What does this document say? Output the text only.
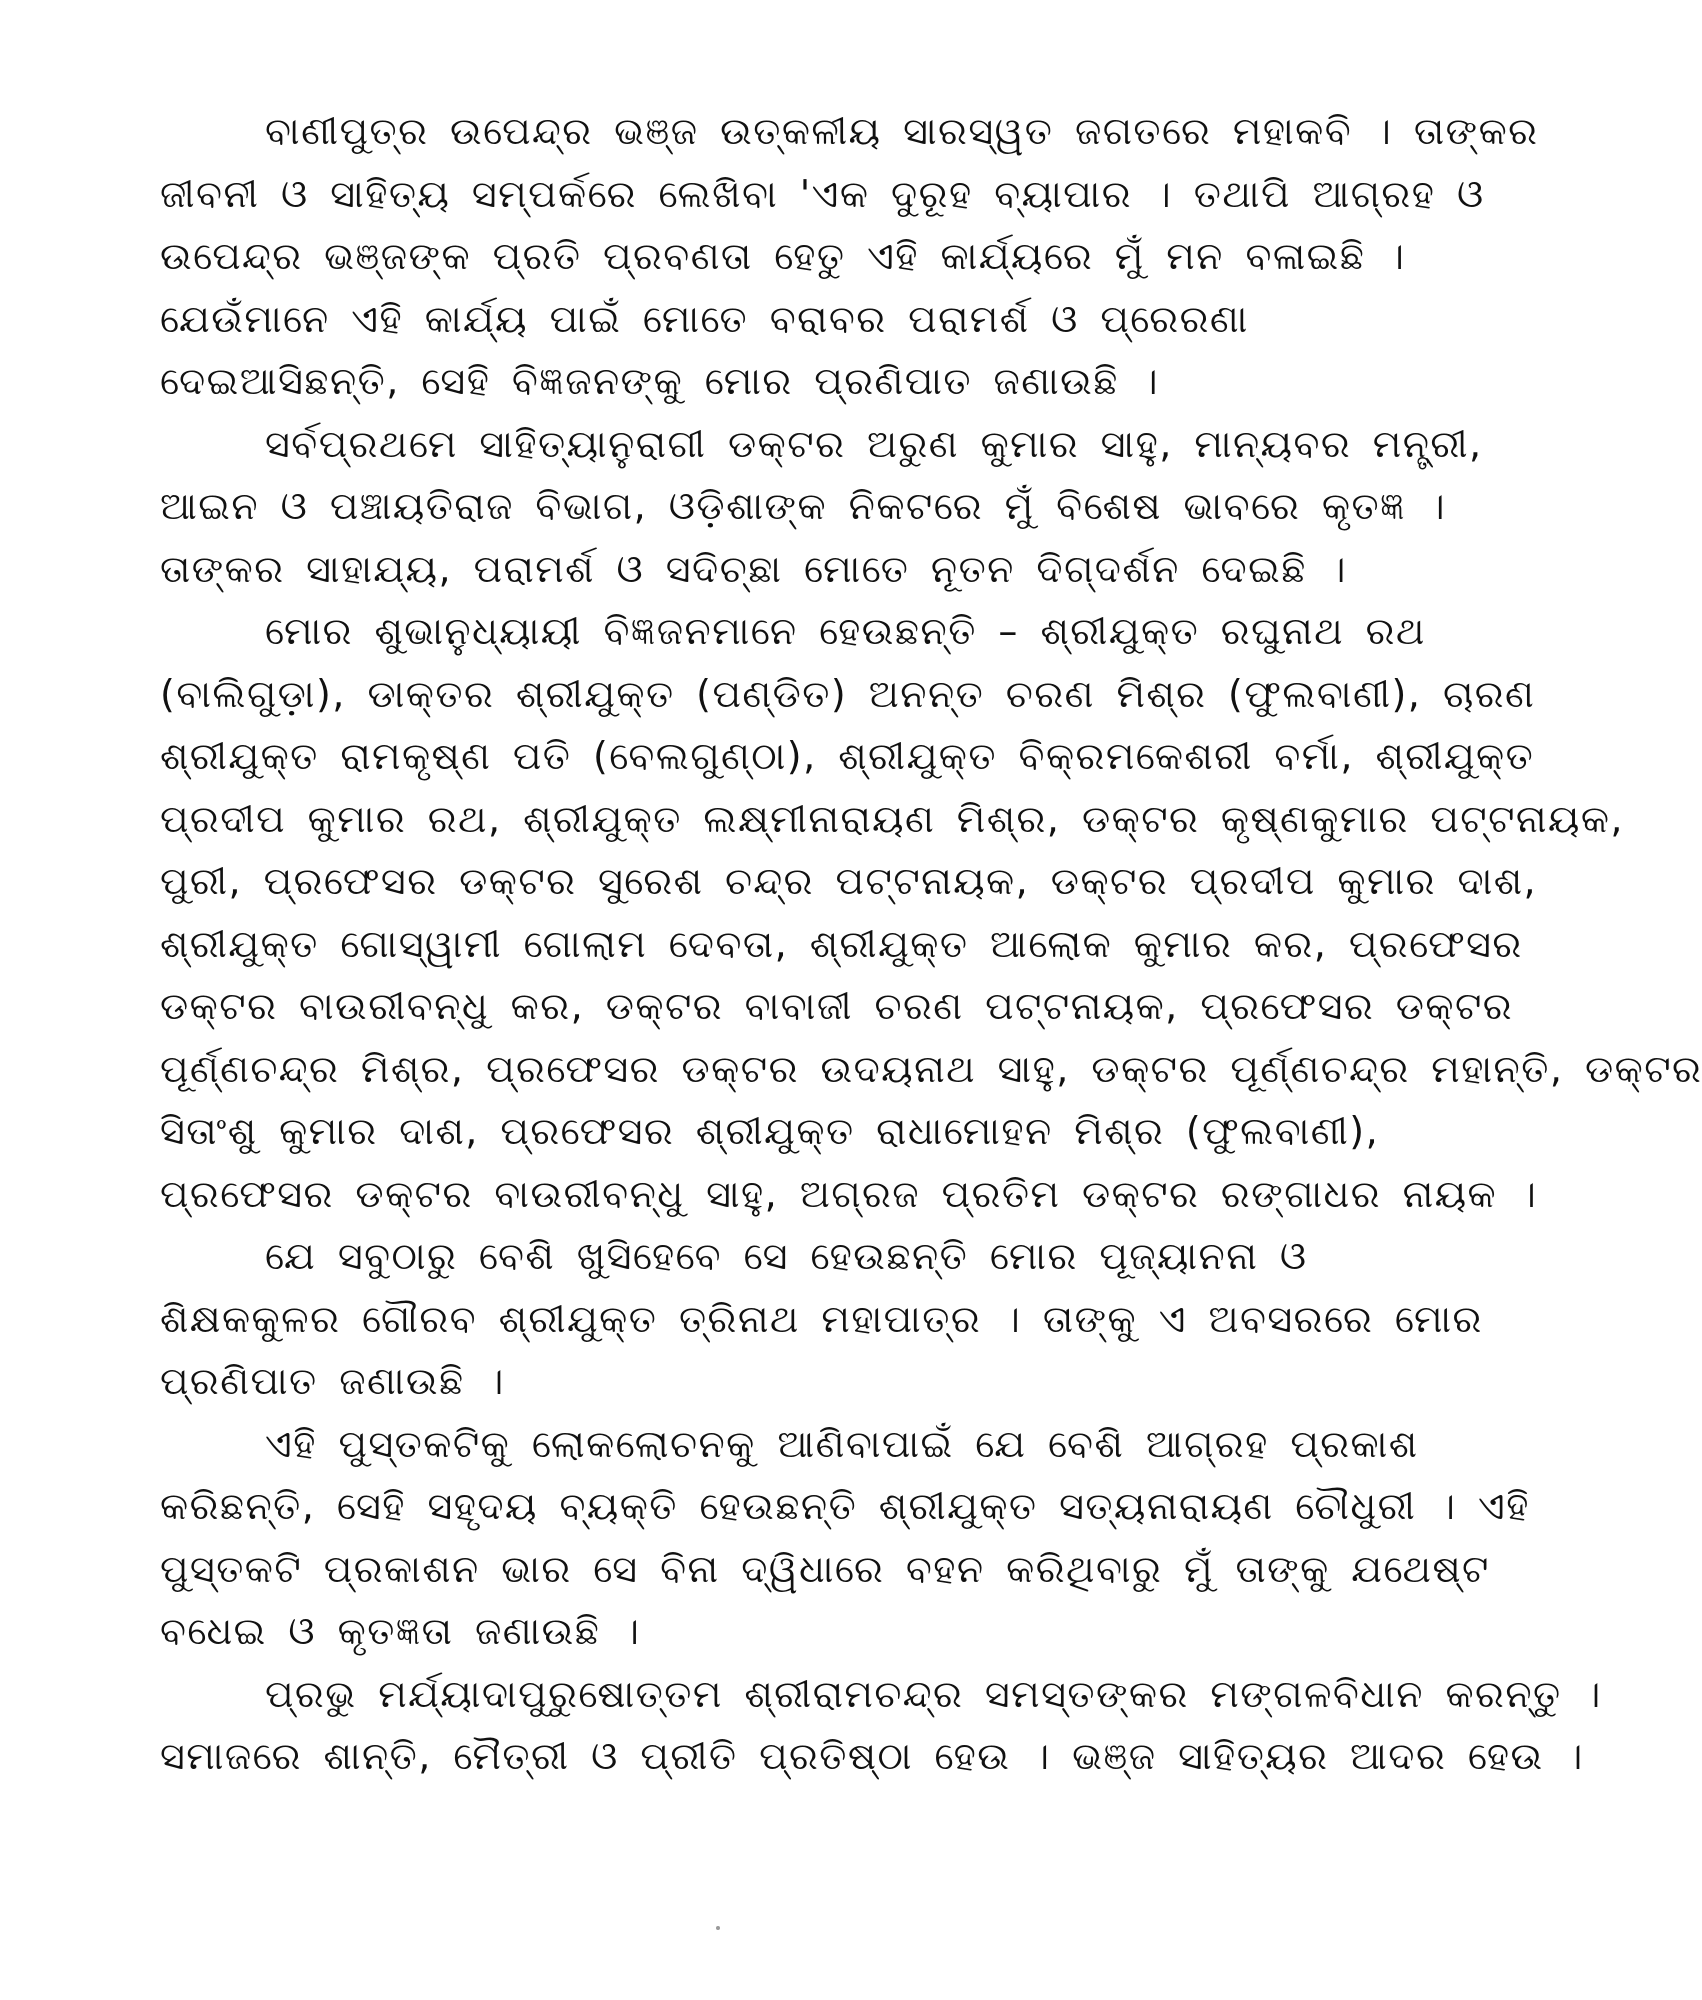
ବାଣୀପୁତ୍ର ଉପେନ୍ଦ୍ର ଭଞ୍ଜ ଉତ୍କଳୀୟ ସାରସ୍ୱତ ଜଗତରେ ମହାକବି । ତାଙ୍କର
ଜୀବନୀ ଓ ସାହିତ୍ୟ ସମ୍ପର୍କରେ ଲେଖିବା 'ଏକ ଦୁରୂହ ବ୍ୟାପାର । ତଥାପି ଆଗ୍ରହ ଓ
ଉପେନ୍ଦ୍ର ଭଞ୍ଜଙ୍କ ପ୍ରତି ପ୍ରବଣତା ହେତୁ ଏହି କାର୍ଯ୍ୟରେ ମୁଁ ମନ ବଳାଇଛି ।
ଯେଉଁମାନେ ଏହି କାର୍ଯ୍ୟ ପାଇଁ ମୋତେ ବରାବର ପରାମର୍ଶ ଓ ପ୍ରେରଣା
ଦେଇଆସିଛନ୍ତି, ସେହି ବିଜ୍ଞଜନଙ୍କୁ ମୋର ପ୍ରଣିପାତ ଜଣାଉଛି ।
ସର୍ବପ୍ରଥମେ ସାହିତ୍ୟାନୁରାଗୀ ଡକ୍ଟର ଅରୁଣ କୁମାର ସାହୁ, ମାନ୍ୟବର ମନ୍ତ୍ରୀ,
ଆଇନ ଓ ପଞ୍ଚାୟତିରାଜ ବିଭାଗ, ଓଡ଼ିଶାଙ୍କ ନିକଟରେ ମୁଁ ବିଶେଷ ଭାବରେ କୃତଜ୍ଞ ।
ତାଙ୍କର ସାହାଯ୍ୟ, ପରାମର୍ଶ ଓ ସଦିଚ୍ଛା ମୋତେ ନୂତନ ଦିଗ୍‌ଦର୍ଶନ ଦେଇଛି ।
ମୋର ଶୁଭାନୁଧ୍ୟାୟୀ ବିଜ୍ଞଜନମାନେ ହେଉଛନ୍ତି – ଶ୍ରୀଯୁକ୍ତ ରଘୁନାଥ ରଥ
(ବାଲିଗୁଡ଼ା), ଡାକ୍ତର ଶ୍ରୀଯୁକ୍ତ (ପଣ୍ଡିତ) ଅନନ୍ତ ଚରଣ ମିଶ୍ର (ଫୁଲବାଣୀ), ଚାରଣ
ଶ୍ରୀଯୁକ୍ତ ରାମକୃଷ୍ଣ ପତି (ବେଲଗୁଣ୍ଠା), ଶ୍ରୀଯୁକ୍ତ ବିକ୍ରମକେଶରୀ ବର୍ମା, ଶ୍ରୀଯୁକ୍ତ
ପ୍ରଦୀପ କୁମାର ରଥ, ଶ୍ରୀଯୁକ୍ତ ଲକ୍ଷ୍ମୀନାରାୟଣ ମିଶ୍ର, ଡକ୍ଟର କୃଷ୍ଣକୁମାର ପଟ୍ଟନାୟକ,
ପୁରୀ, ପ୍ରଫେସର ଡକ୍ଟର ସୁରେଶ ଚନ୍ଦ୍ର ପଟ୍ଟନାୟକ, ଡକ୍ଟର ପ୍ରଦୀପ କୁମାର ଦାଶ,
ଶ୍ରୀଯୁକ୍ତ ଗୋସ୍ୱାମୀ ଗୋଲାମ ଦେବତା, ଶ୍ରୀଯୁକ୍ତ ଆଲୋକ କୁମାର କର, ପ୍ରଫେସର
ଡକ୍ଟର ବାଉରୀବନ୍ଧୁ କର, ଡକ୍ଟର ବାବାଜୀ ଚରଣ ପଟ୍ଟନାୟକ, ପ୍ରଫେସର ଡକ୍ଟର
ପୂର୍ଣ୍ଣଚନ୍ଦ୍ର ମିଶ୍ର, ପ୍ରଫେସର ଡକ୍ଟର ଉଦୟନାଥ ସାହୁ, ଡକ୍ଟର ପୂର୍ଣ୍ଣଚନ୍ଦ୍ର ମହାନ୍ତି, ଡକ୍ଟର
ସିତାଂଶୁ କୁମାର ଦାଶ, ପ୍ରଫେସର ଶ୍ରୀଯୁକ୍ତ ରାଧାମୋହନ ମିଶ୍ର (ଫୁଲବାଣୀ),
ପ୍ରଫେସର ଡକ୍ଟର ବାଉରୀବନ୍ଧୁ ସାହୁ, ଅଗ୍ରଜ ପ୍ରତିମ ଡକ୍ଟର ରଙ୍ଗାଧର ନାୟକ ।
ଯେ ସବୁଠାରୁ ବେଶି ଖୁସିହେବେ ସେ ହେଉଛନ୍ତି ମୋର ପୂଜ୍ୟାନନା ଓ
ଶିକ୍ଷକକୁଳର ଗୌରବ ଶ୍ରୀଯୁକ୍ତ ତ୍ରିନାଥ ମହାପାତ୍ର । ତାଙ୍କୁ ଏ ଅବସରରେ ମୋର
ପ୍ରଣିପାତ ଜଣାଉଛି ।
ଏହି ପୁସ୍ତକଟିକୁ ଲୋକଲୋଚନକୁ ଆଣିବାପାଇଁ ଯେ ବେଶି ଆଗ୍ରହ ପ୍ରକାଶ
କରିଛନ୍ତି, ସେହି ସହୃଦୟ ବ୍ୟକ୍ତି ହେଉଛନ୍ତି ଶ୍ରୀଯୁକ୍ତ ସତ୍ୟନାରାୟଣ ଚୌଧୁରୀ । ଏହି
ପୁସ୍ତକଟି ପ୍ରକାଶନ ଭାର ସେ ବିନା ଦ୍ୱିଧାରେ ବହନ କରିଥିବାରୁ ମୁଁ ତାଙ୍କୁ ଯଥେଷ୍ଟ
ବଧେଇ ଓ କୃତଜ୍ଞତା ଜଣାଉଛି ।
ପ୍ରଭୁ ମର୍ଯ୍ୟାଦାପୁରୁଷୋତ୍ତମ ଶ୍ରୀରାମଚନ୍ଦ୍ର ସମସ୍ତଙ୍କର ମଙ୍ଗଳବିଧାନ କରନ୍ତୁ ।
ସମାଜରେ ଶାନ୍ତି, ମୈତ୍ରୀ ଓ ପ୍ରୀତି ପ୍ରତିଷ୍ଠା ହେଉ । ଭଞ୍ଜ ସାହିତ୍ୟର ଆଦର ହେଉ ।
